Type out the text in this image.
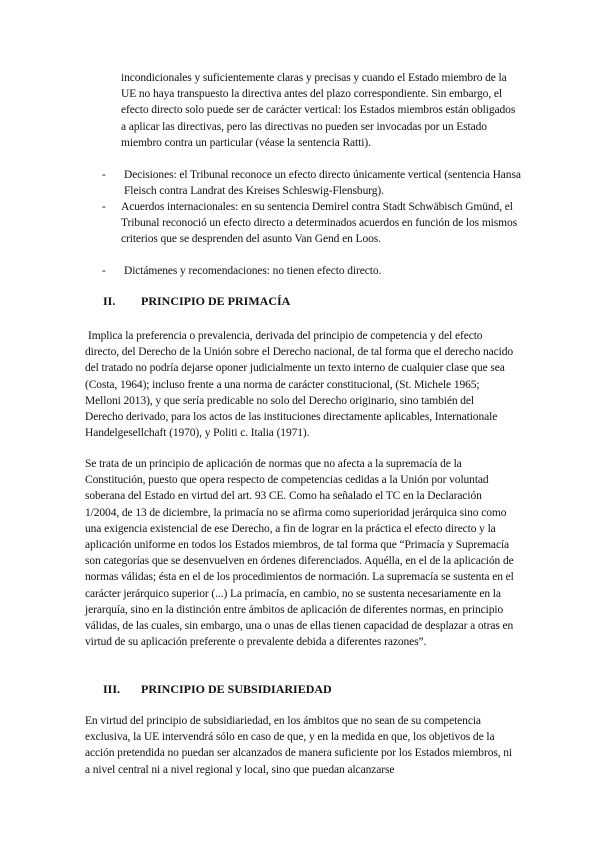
incondicionales y suficientemente claras y precisas y cuando el Estado miembro de la UE no haya transpuesto la directiva antes del plazo correspondiente. Sin embargo, el efecto directo solo puede ser de carácter vertical: los Estados miembros están obligados a aplicar las directivas, pero las directivas no pueden ser invocadas por un Estado miembro contra un particular (véase la sentencia Ratti).
-	Decisiones: el Tribunal reconoce un efecto directo únicamente vertical (sentencia Hansa Fleisch contra Landrat des Kreises Schleswig-Flensburg).
-	Acuerdos internacionales: en su sentencia Demirel contra Stadt Schwäbisch Gmünd, el Tribunal reconoció un efecto directo a determinados acuerdos en función de los mismos criterios que se desprenden del asunto Van Gend en Loos.
-	Dictámenes y recomendaciones: no tienen efecto directo.
II.	PRINCIPIO DE PRIMACÍA
Implica la preferencia o prevalencia, derivada del principio de competencia y del efecto directo, del Derecho de la Unión sobre el Derecho nacional, de tal forma que el derecho nacido del tratado no podría dejarse oponer judicialmente un texto interno de cualquier clase que sea (Costa, 1964); incluso frente a una norma de carácter constitucional, (St. Michele 1965; Melloni 2013), y que sería predicable no solo del Derecho originario, sino también del Derecho derivado, para los actos de las instituciones directamente aplicables, Internationale Handelgesellchaft (1970), y Politi c. Italia (1971).
Se trata de un principio de aplicación de normas que no afecta a la supremacía de la Constitución, puesto que opera respecto de competencias cedidas a la Unión por voluntad soberana del Estado en virtud del art. 93 CE. Como ha señalado el TC en la Declaración 1/2004, de 13 de diciembre, la primacía no se afirma como superioridad jerárquica sino como una exigencia existencial de ese Derecho, a fin de lograr en la práctica el efecto directo y la aplicación uniforme en todos los Estados miembros, de tal forma que “Primacía y Supremacía son categorías que se desenvuelven en órdenes diferenciados. Aquélla, en el de la aplicación de normas válidas; ésta en el de los procedimientos de normación. La supremacía se sustenta en el carácter jerárquico superior (...) La primacía, en cambio, no se sustenta necesariamente en la jerarquía, sino en la distinción entre ámbitos de aplicación de diferentes normas, en principio válidas, de las cuales, sin embargo, una o unas de ellas tienen capacidad de desplazar a otras en virtud de su aplicación preferente o prevalente debida a diferentes razones”.
III.	PRINCIPIO DE SUBSIDIARIEDAD
En virtud del principio de subsidiariedad, en los ámbitos que no sean de su competencia exclusiva, la UE intervendrá sólo en caso de que, y en la medida en que, los objetivos de la acción pretendida no puedan ser alcanzados de manera suficiente por los Estados miembros, ni a nivel central ni a nivel regional y local, sino que puedan alcanzarse
